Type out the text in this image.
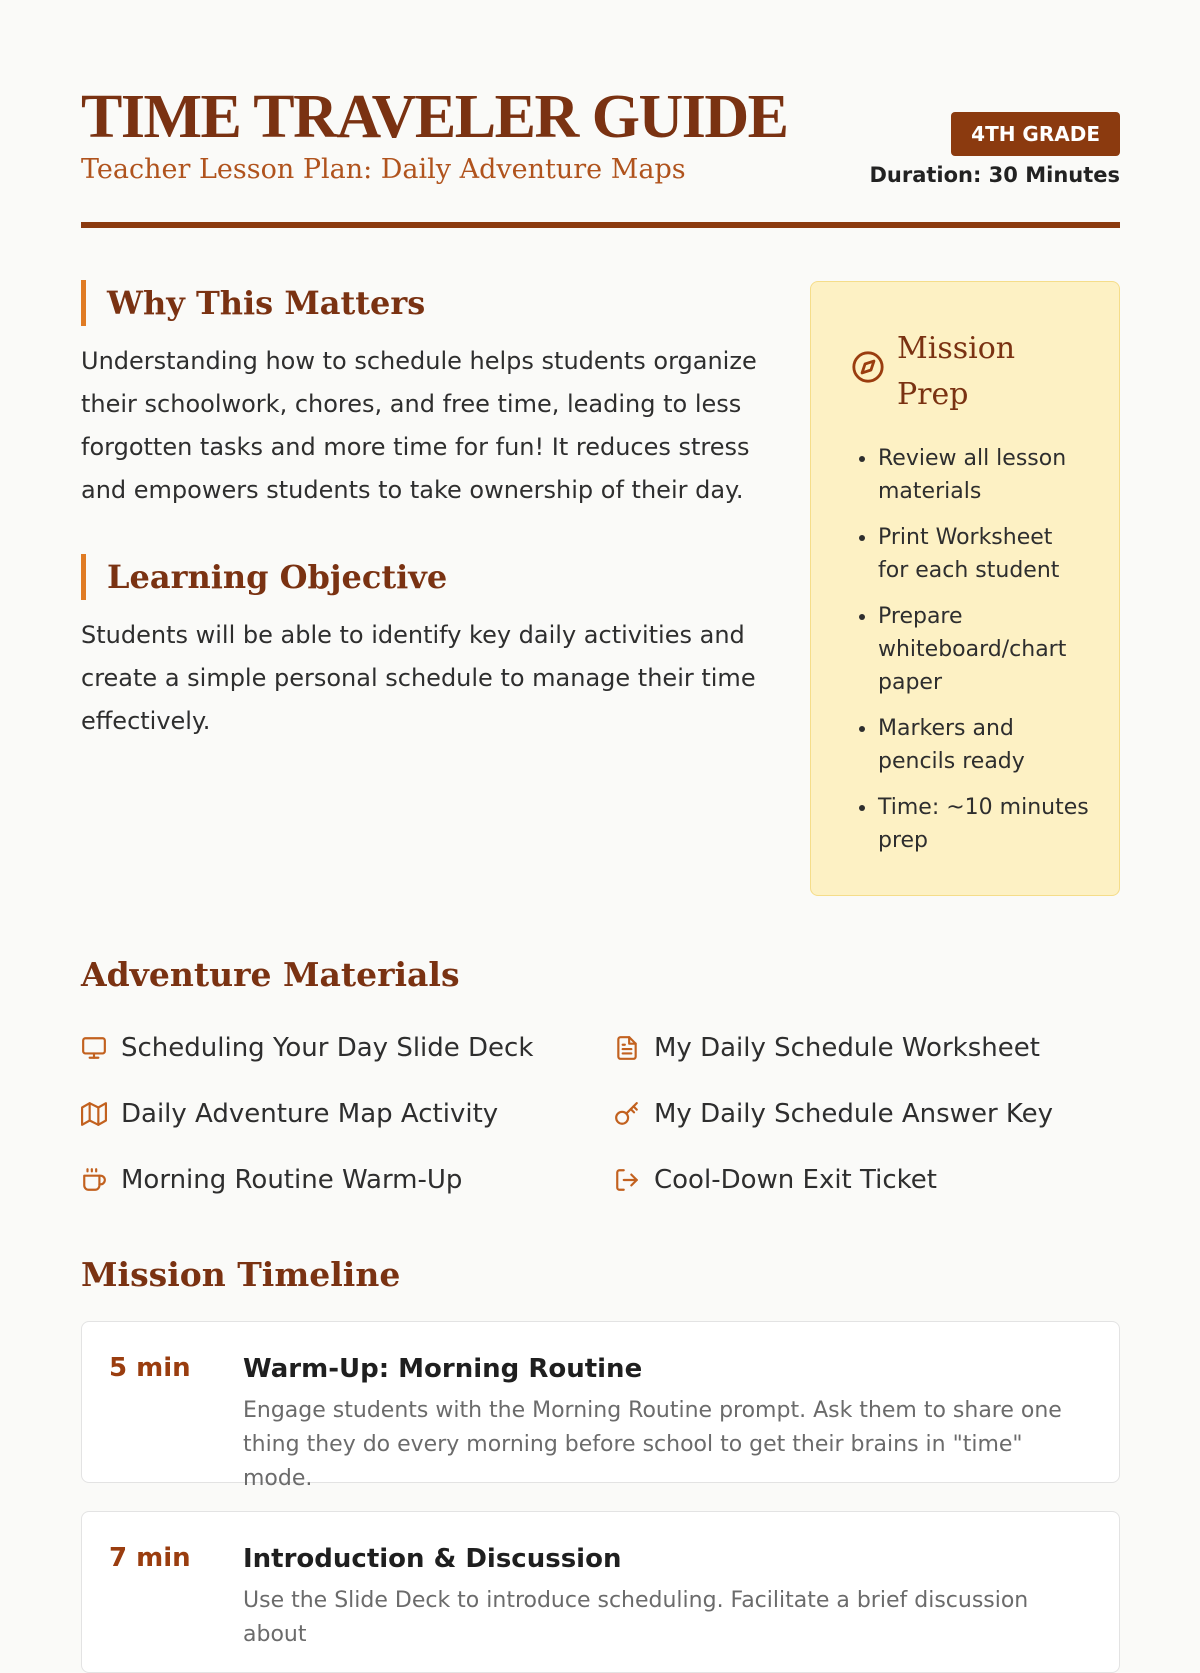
TIME TRAVELER GUIDE
Teacher Lesson Plan: Daily Adventure Maps
4TH GRADE
Duration: 30 Minutes
Why This Matters

Understanding how to schedule helps students organize their schoolwork, chores, and free time, leading to less forgotten tasks and more time for fun! It reduces stress and empowers students to take ownership of their day.

Learning Objective

Students will be able to identify key daily activities and create a simple personal schedule to manage their time effectively.

Mission Prep
• Review all lesson materials
• Print Worksheet for each student
• Prepare whiteboard/chart paper
• Markers and pencils ready
• Time: ~10 minutes prep
Adventure Materials
Scheduling Your Day Slide Deck	My Daily Schedule Worksheet
Daily Adventure Map Activity	My Daily Schedule Answer Key
Morning Routine Warm-Up	Cool-Down Exit Ticket
Mission Timeline
5 min Warm-Up: Morning Routine
Engage students with the Morning Routine prompt. Ask them to share one thing they do every morning before school to get their brains in "time" mode.
7 min Introduction & Discussion
Use the Slide Deck to introduce scheduling. Facilitate a brief discussion about
